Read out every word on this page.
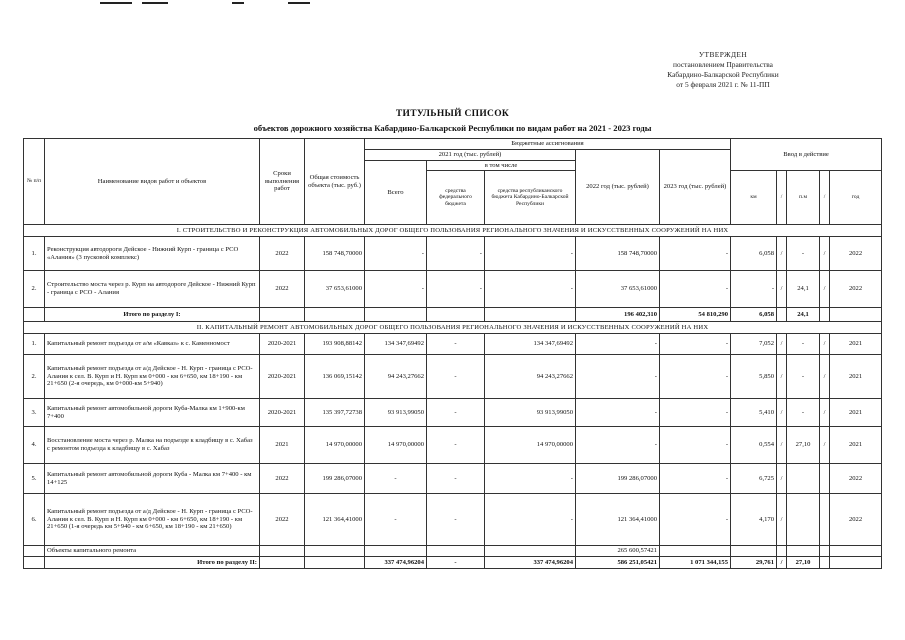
УТВЕРЖДЕН
постановлением Правительства
Кабардино-Балкарской Республики
от 5 февраля 2021 г. № 11-ПП
ТИТУЛЬНЫЙ СПИСОК
объектов дорожного хозяйства Кабардино-Балкарской Республики по видам работ на 2021 - 2023 годы
№ п/п	Наименование видов работ и объектов	Сроки выполнения работ	Общая стоимость объекта (тыс. руб.)	Бюджетные ассигнования					Ввод в действие				
				2021 год (тыс. рублей)			2022 год (тыс. рублей)	2023 год (тыс. рублей)					
				Всего	в том числе								
					средства федерального бюджета	средства республиканского бюджета Кабардино-Балкарской Республики			км	/	п.м	/	год
I. СТРОИТЕЛЬСТВО И РЕКОНСТРУКЦИЯ АВТОМОБИЛЬНЫХ ДОРОГ ОБЩЕГО ПОЛЬЗОВАНИЯ РЕГИОНАЛЬНОГО ЗНАЧЕНИЯ И ИСКУССТВЕННЫХ СООРУЖЕНИЙ НА НИХ													
1.	Реконструкция автодороги Дейское - Нижний Курп - граница с РСО «Алания» (3 пусковой комплекс)	2022	158 748,70000	-	-	-	158 748,70000	-	6,058	/	-	/	2022
2.	Строительство моста через р. Курп на автодороге Дейское - Нижний Курп - граница с РСО - Алания	2022	37 653,61000	-	-	-	37 653,61000	-	-	/	24,1	/	2022
	Итого по разделу I:						196 402,310	54 810,290	6,058		24,1		
II. КАПИТАЛЬНЫЙ РЕМОНТ АВТОМОБИЛЬНЫХ ДОРОГ ОБЩЕГО ПОЛЬЗОВАНИЯ РЕГИОНАЛЬНОГО ЗНАЧЕНИЯ И ИСКУССТВЕННЫХ СООРУЖЕНИЙ НА НИХ													
1.	Капитальный ремонт подъезда от а/м «Кавказ» к с. Каменномост	2020-2021	193 908,88142	134 347,69492	-	134 347,69492	-	-	7,052	/	-	/	2021
2.	Капитальный ремонт подъезда от а/д Дейское - Н. Курп - граница с РСО-Алания к сел. В. Курп и Н. Курп км 0+000 - км 6+650, км 18+190 - км 21+650 (2-я очередь, км 0+000-км 5+940)	2020-2021	136 069,15142	94 243,27662	-	94 243,27662	-	-	5,850	/	-	/	2021
3.	Капитальный ремонт автомобильной дороги Куба-Малка км 1+900-км 7+400	2020-2021	135 397,72738	93 913,99050	-	93 913,99050	-	-	5,410	/	-	/	2021
4.	Восстановление моста через р. Малка на подъезде к кладбищу в с. Хабаз с ремонтом подъезда к кладбищу в с. Хабаз	2021	14 970,00000	14 970,00000	-	14 970,00000	-	-	0,554	/	27,10	/	2021
5.	Капитальный ремонт автомобильной дороги Куба - Малка км 7+400 - км 14+125	2022	199 286,07000	-	-	-	199 286,07000	-	6,725	/			2022
6.	Капитальный ремонт подъезда от а/д Дейское - Н. Курп - граница с РСО-Алания к сел. В. Курп и Н. Курп км 0+000 - км 6+650, км 18+190 - км 21+650 (1-я очередь км 5+940 - км 6+650, км 18+190 - км 21+650)	2022	121 364,41000	-	-	-	121 364,41000	-	4,170	/			2022
	Объекты капитального ремонта						265 600,57421						
	Итого по разделу II:			337 474,96204	-	337 474,96204	586 251,05421	1 071 344,155	29,761	/	27,10		
